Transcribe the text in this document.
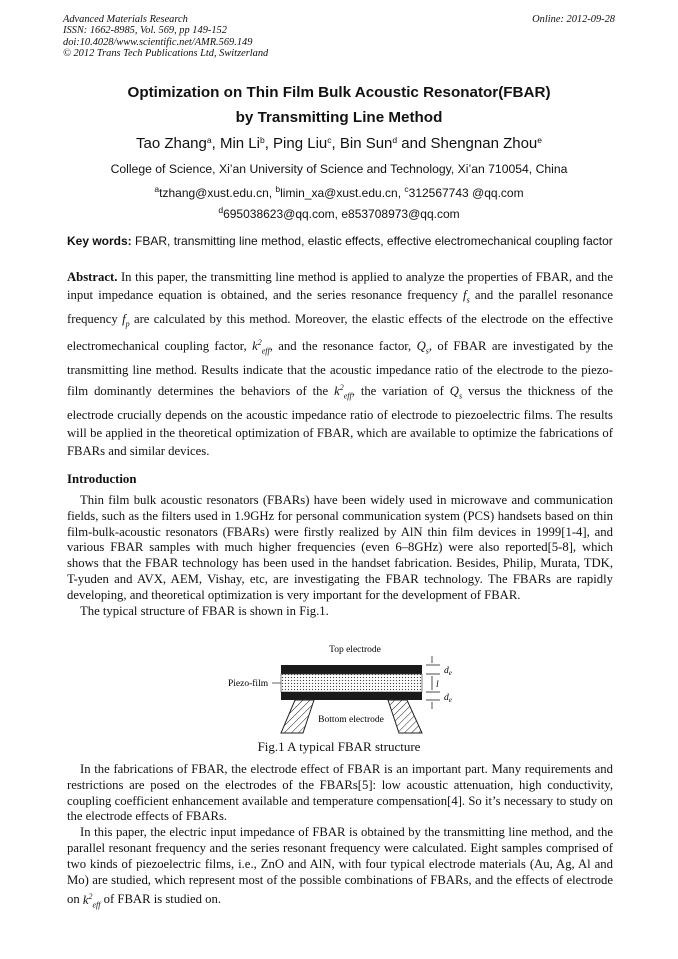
Advanced Materials Research
ISSN: 1662-8985, Vol. 569, pp 149-152
doi:10.4028/www.scientific.net/AMR.569.149
© 2012 Trans Tech Publications Ltd, Switzerland
Online: 2012-09-28
Optimization on Thin Film Bulk Acoustic Resonator(FBAR)
by Transmitting Line Method
Tao Zhang$^a$, Min Li$^b$, Ping Liu$^c$, Bin Sun$^d$ and Shengnan Zhou$^e$
College of Science, Xi’an University of Science and Technology, Xi’an 710054, China
$^a$tzhang@xust.edu.cn, $^b$limin_xa@xust.edu.cn, $^c$312567743 @qq.com
$^d$695038623@qq.com, e853708973@qq.com
Key words: FBAR, transmitting line method, elastic effects, effective electromechanical coupling factor

Abstract. In this paper, the transmitting line method is applied to analyze the properties of FBAR, and the input impedance equation is obtained, and the series resonance frequency $f_s$ and the parallel resonance frequency $f_p$ are calculated by this method. Moreover, the elastic effects of the electrode on the effective electromechanical coupling factor, $k^2_{eff}$, and the resonance factor, $Q_s$, of FBAR are investigated by the transmitting line method. Results indicate that the acoustic impedance ratio of the electrode to the piezo-film dominantly determines the behaviors of the $k^2_{eff}$, the variation of $Q_s$ versus the thickness of the electrode crucially depends on the acoustic impedance ratio of electrode to piezoelectric films. The results will be applied in the theoretical optimization of FBAR, which are available to optimize the fabrications of FBARs and similar devices.

Introduction

Thin film bulk acoustic resonators (FBARs) have been widely used in microwave and communication fields, such as the filters used in 1.9GHz for personal communication system (PCS) handsets based on thin film-bulk-acoustic resonators (FBARs) were firstly realized by AlN thin film devices in 1999[1-4], and various FBAR samples with much higher frequencies (even 6–8GHz) were also reported[5-8], which shows that the FBAR technology has been used in the handset fabrication. Besides, Philip, Murata, TDK, T-yuden and AVX, AEM, Vishay, etc, are investigating the FBAR technology. The FBARs are rapidly developing, and theoretical optimization is very important for the development of FBAR.

The typical structure of FBAR is shown in Fig.1.

Top electrode
Piezo-film
Bottom electrode
$d_e$
l
$d_e$
Fig.1 A typical FBAR structure

In the fabrications of FBAR, the electrode effect of FBAR is an important part. Many requirements and restrictions are posed on the electrodes of the FBARs[5]: low acoustic attenuation, high conductivity, coupling coefficient enhancement available and temperature compensation[4]. So it’s necessary to study on the electrode effects of FBARs.

In this paper, the electric input impedance of FBAR is obtained by the transmitting line method, and the parallel resonant frequency and the series resonant frequency were calculated. Eight samples comprised of two kinds of piezoelectric films, i.e., ZnO and AlN, with four typical electrode materials (Au, Ag, Al and Mo) are studied, which represent most of the possible combinations of FBARs, and the effects of electrode on $k^2_{eff}$ of FBAR is studied on.
